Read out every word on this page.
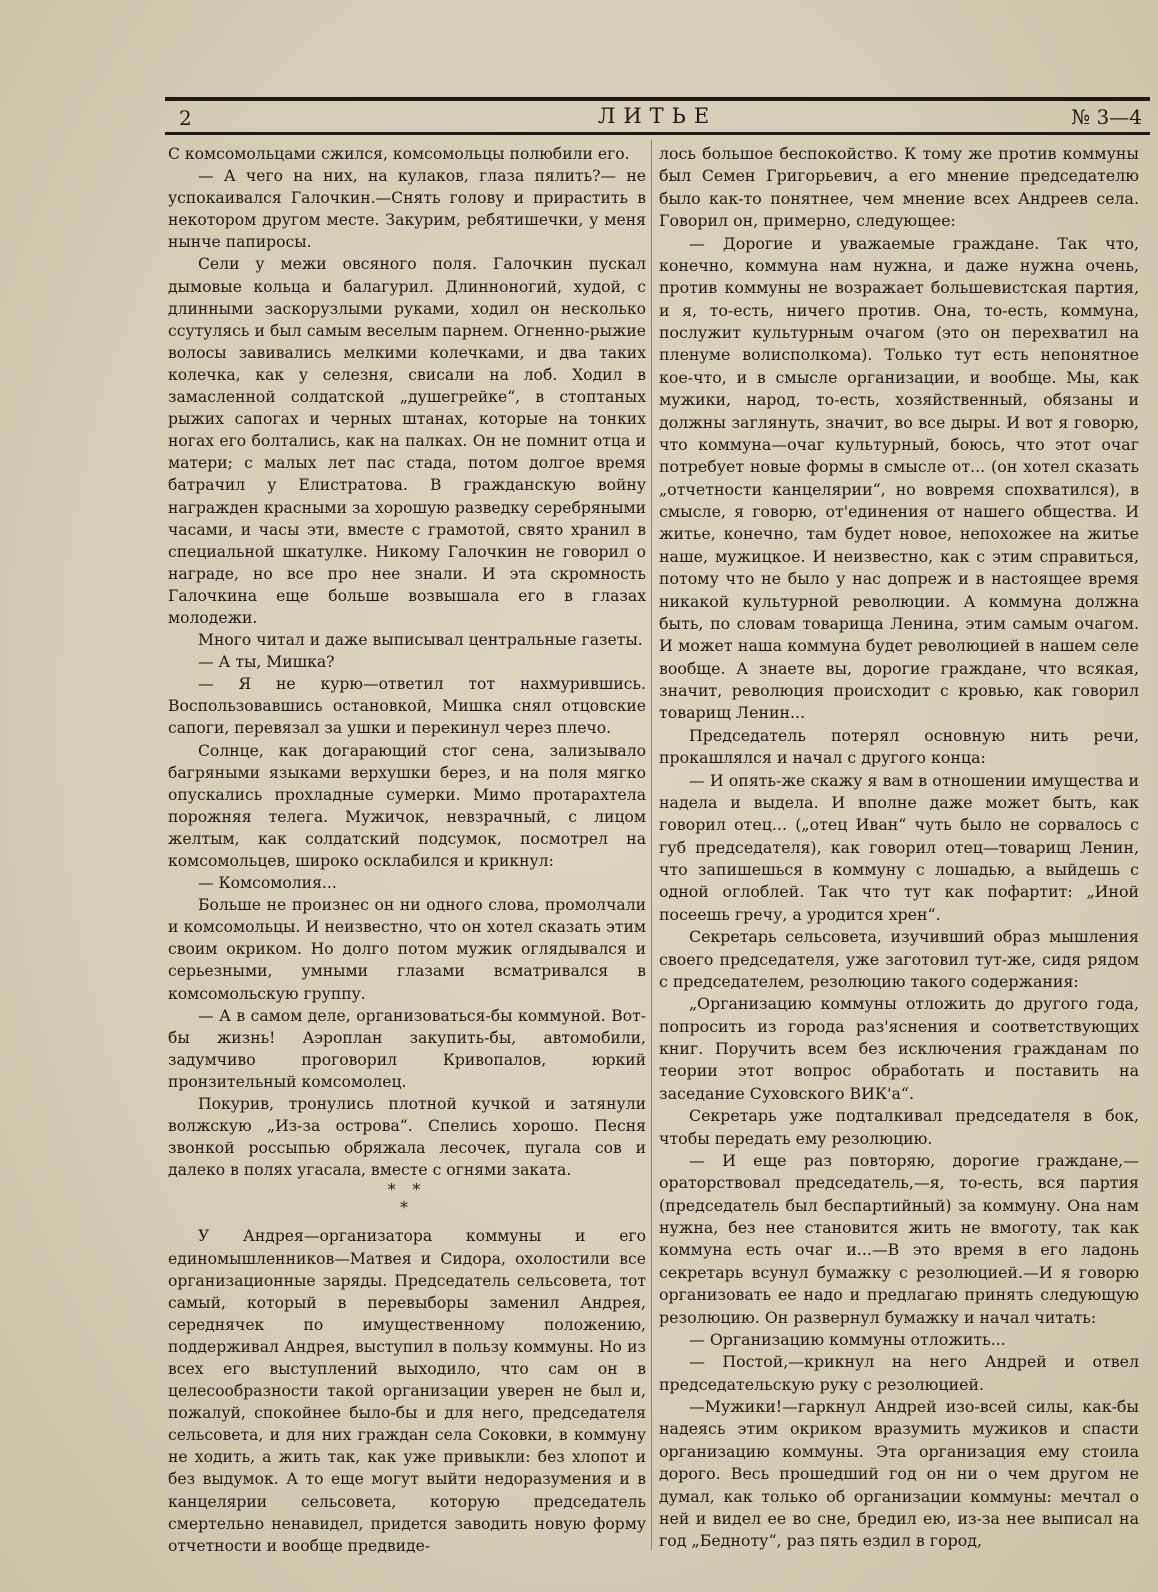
2	ЛИТЬЕ	№ 3—4

С комсомольцами сжился, комсомольцы полюбили его.

— А чего на них, на кулаков, глаза пялить?— не успокаивался Галочкин.—Снять голову и прирастить в некотором другом месте. Закурим, ребятишечки, у меня нынче папиросы.

Сели у межи овсяного поля. Галочкин пускал дымовые кольца и балагурил. Длинноногий, худой, с длинными заскорузлыми руками, ходил он несколько ссутулясь и был самым веселым парнем. Огненно-рыжие волосы завивались мелкими колечками, и два таких колечка, как у селезня, свисали на лоб. Ходил в замасленной солдатской „душегрейке“, в стоптаных рыжих сапогах и черных штанах, которые на тонких ногах его болтались, как на палках. Он не помнит отца и матери; с малых лет пас стада, потом долгое время батрачил у Елистратова. В гражданскую войну награжден красными за хорошую разведку серебряными часами, и часы эти, вместе с грамотой, свято хранил в специальной шкатулке. Никому Галочкин не говорил о награде, но все про нее знали. И эта скромность Галочкина еще больше возвышала его в глазах молодежи.

Много читал и даже выписывал центральные газеты.

— А ты, Мишка?

— Я не курю—ответил тот нахмурившись. Воспользовавшись остановкой, Мишка снял отцовские сапоги, перевязал за ушки и перекинул через плечо.

Солнце, как догарающий стог сена, зализывало багряными языками верхушки берез, и на поля мягко опускались прохладные сумерки. Мимо протарахтела порожняя телега. Мужичок, невзрачный, с лицом желтым, как солдатский подсумок, посмотрел на комсомольцев, широко осклабился и крикнул:

— Комсомолия...

Больше не произнес он ни одного слова, промолчали и комсомольцы. И неизвестно, что он хотел сказать этим своим окриком. Но долго потом мужик оглядывался и серьезными, умными глазами всматривался в комсомольскую группу.

— А в самом деле, организоваться-бы коммуной. Вот-бы жизнь! Аэроплан закупить-бы, автомобили, задумчиво проговорил Кривопалов, юркий пронзительный комсомолец.

Покурив, тронулись плотной кучкой и затянули волжскую „Из-за острова“. Спелись хорошо. Песня звонкой россыпью обряжала лесочек, пугала сов и далеко в полях угасала, вместе с огнями заката.

* *
*

У Андрея—организатора коммуны и его единомышленников—Матвея и Сидора, охолостили все организационные заряды. Председатель сельсовета, тот самый, который в перевыборы заменил Андрея, середнячек по имущественному положению, поддерживал Андрея, выступил в пользу коммуны. Но из всех его выступлений выходило, что сам он в целесообразности такой организации уверен не был и, пожалуй, спокойнее было-бы и для него, председателя сельсовета, и для них граждан села Соковки, в коммуну не ходить, а жить так, как уже привыкли: без хлопот и без выдумок. А то еще могут выйти недоразумения и в канцелярии сельсовета, которую председатель смертельно ненавидел, придется заводить новую форму отчетности и вообще предвиде-

лось большое беспокойство. К тому же против коммуны был Семен Григорьевич, а его мнение председателю было как-то понятнее, чем мнение всех Андреев села. Говорил он, примерно, следующее:

— Дорогие и уважаемые граждане. Так что, конечно, коммуна нам нужна, и даже нужна очень, против коммуны не возражает большевистская партия, и я, то-есть, ничего против. Она, то-есть, коммуна, послужит культурным очагом (это он перехватил на пленуме волисполкома). Только тут есть непонятное кое-что, и в смысле организации, и вообще. Мы, как мужики, народ, то-есть, хозяйственный, обязаны и должны заглянуть, значит, во все дыры. И вот я говорю, что коммуна—очаг культурный, боюсь, что этот очаг потребует новые формы в смысле от... (он хотел сказать „отчетности канцелярии“, но вовремя спохватился), в смысле, я говорю, от'единения от нашего общества. И житье, конечно, там будет новое, непохожее на житье наше, мужицкое. И неизвестно, как с этим справиться, потому что не было у нас допреж и в настоящее время никакой культурной революции. А коммуна должна быть, по словам товарища Ленина, этим самым очагом. И может наша коммуна будет революцией в нашем селе вообще. А знаете вы, дорогие граждане, что всякая, значит, революция происходит с кровью, как говорил товарищ Ленин...

Председатель потерял основную нить речи, прокашлялся и начал с другого конца:

— И опять-же скажу я вам в отношении имущества и надела и выдела. И вполне даже может быть, как говорил отец... („отец Иван“ чуть было не сорвалось с губ председателя), как говорил отец—товарищ Ленин, что запишешься в коммуну с лошадью, а выйдешь с одной оглоблей. Так что тут как пофартит: „Иной посеешь гречу, а уродится хрен“.

Секретарь сельсовета, изучивший образ мышления своего председателя, уже заготовил тут-же, сидя рядом с председателем, резолюцию такого содержания:

„Организацию коммуны отложить до другого года, попросить из города раз'яснения и соответствующих книг. Поручить всем без исключения гражданам по теории этот вопрос обработать и поставить на заседание Суховского ВИК'а“.

Секретарь уже подталкивал председателя в бок, чтобы передать ему резолюцию.

— И еще раз повторяю, дорогие граждане,—ораторствовал председатель,—я, то-есть, вся партия (председатель был беспартийный) за коммуну. Она нам нужна, без нее становится жить не вмоготу, так как коммуна есть очаг и...—В это время в его ладонь секретарь всунул бумажку с резолюцией.—И я говорю организовать ее надо и предлагаю принять следующую резолюцию. Он развернул бумажку и начал читать:

— Организацию коммуны отложить...

— Постой,—крикнул на него Андрей и отвел председательскую руку с резолюцией.

—Мужики!—гаркнул Андрей изо-всей силы, как-бы надеясь этим окриком вразумить мужиков и спасти организацию коммуны. Эта организация ему стоила дорого. Весь прошедший год он ни о чем другом не думал, как только об организации коммуны: мечтал о ней и видел ее во сне, бредил ею, из-за нее выписал на год „Бедноту“, раз пять ездил в город,
